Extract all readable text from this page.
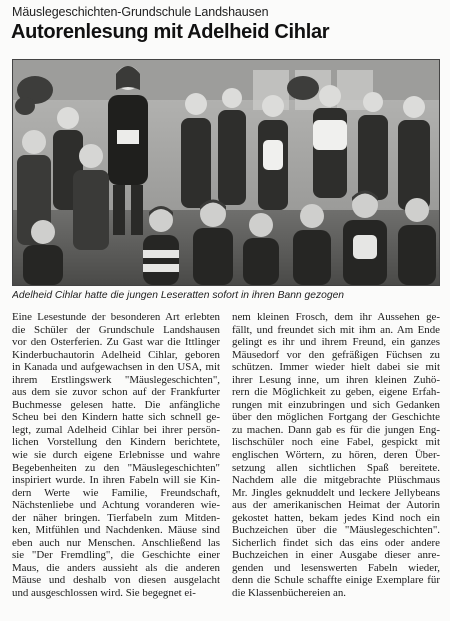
Mäuslegeschichten-Grundschule Landshausen
Autorenlesung mit Adelheid Cihlar
Adelheid Cihlar hatte die jungen Leseratten sofort in ihren Bann gezogen
Eine Lesestunde der besonderen Art erlebten
die Schüler der Grundschule Landshausen
vor den Osterferien. Zu Gast war die Ittlinger
Kinderbuchautorin Adelheid Cihlar, geboren
in Kanada und aufgewachsen in den USA, mit
ihrem Erstlingswerk "Mäuslegeschichten",
aus dem sie zuvor schon auf der Frankfurter
Buchmesse gelesen hatte. Die anfängliche
Scheu bei den Kindern hatte sich schnell ge-
legt, zumal Adelheid Cihlar bei ihrer persön-
lichen Vorstellung den Kindern berichtete,
wie sie durch eigene Erlebnisse und wahre
Begebenheiten zu den "Mäuslegeschichten"
inspiriert wurde. In ihren Fabeln will sie Kin-
dern Werte wie Familie, Freundschaft,
Nächstenliebe und Achtung voranderen wie-
der näher bringen. Tierfabeln zum Mitden-
ken, Mitfühlen und Nachdenken. Mäuse sind
eben auch nur Menschen. Anschließend las
sie "Der Fremdling", die Geschichte einer
Maus, die anders aussieht als die anderen
Mäuse und deshalb von diesen ausgelacht
und ausgeschlossen wird. Sie begegnet ei-
nem kleinen Frosch, dem ihr Aussehen ge-
fällt, und freundet sich mit ihm an. Am Ende
gelingt es ihr und ihrem Freund, ein ganzes
Mäusedorf vor den gefräßigen Füchsen zu
schützen. Immer wieder hielt dabei sie mit
ihrer Lesung inne, um ihren kleinen Zuhö-
rern die Möglichkeit zu geben, eigene Erfah-
rungen mit einzubringen und sich Gedanken
über den möglichen Fortgang der Geschichte
zu machen. Dann gab es für die jungen Eng-
lischschüler noch eine Fabel, gespickt mit
englischen Wörtern, zu hören, deren Über-
setzung allen sichtlichen Spaß bereitete.
Nachdem alle die mitgebrachte Plüschmaus
Mr. Jingles geknuddelt und leckere Jellybeans
aus der amerikanischen Heimat der Autorin
gekostet hatten, bekam jedes Kind noch ein
Buchzeichen über die "Mäuslegeschichten".
Sicherlich findet sich das eins oder andere
Buchzeichen in einer Ausgabe dieser anre-
genden und lesenswerten Fabeln wieder,
denn die Schule schaffte einige Exemplare für
die Klassenbüchereien an.
